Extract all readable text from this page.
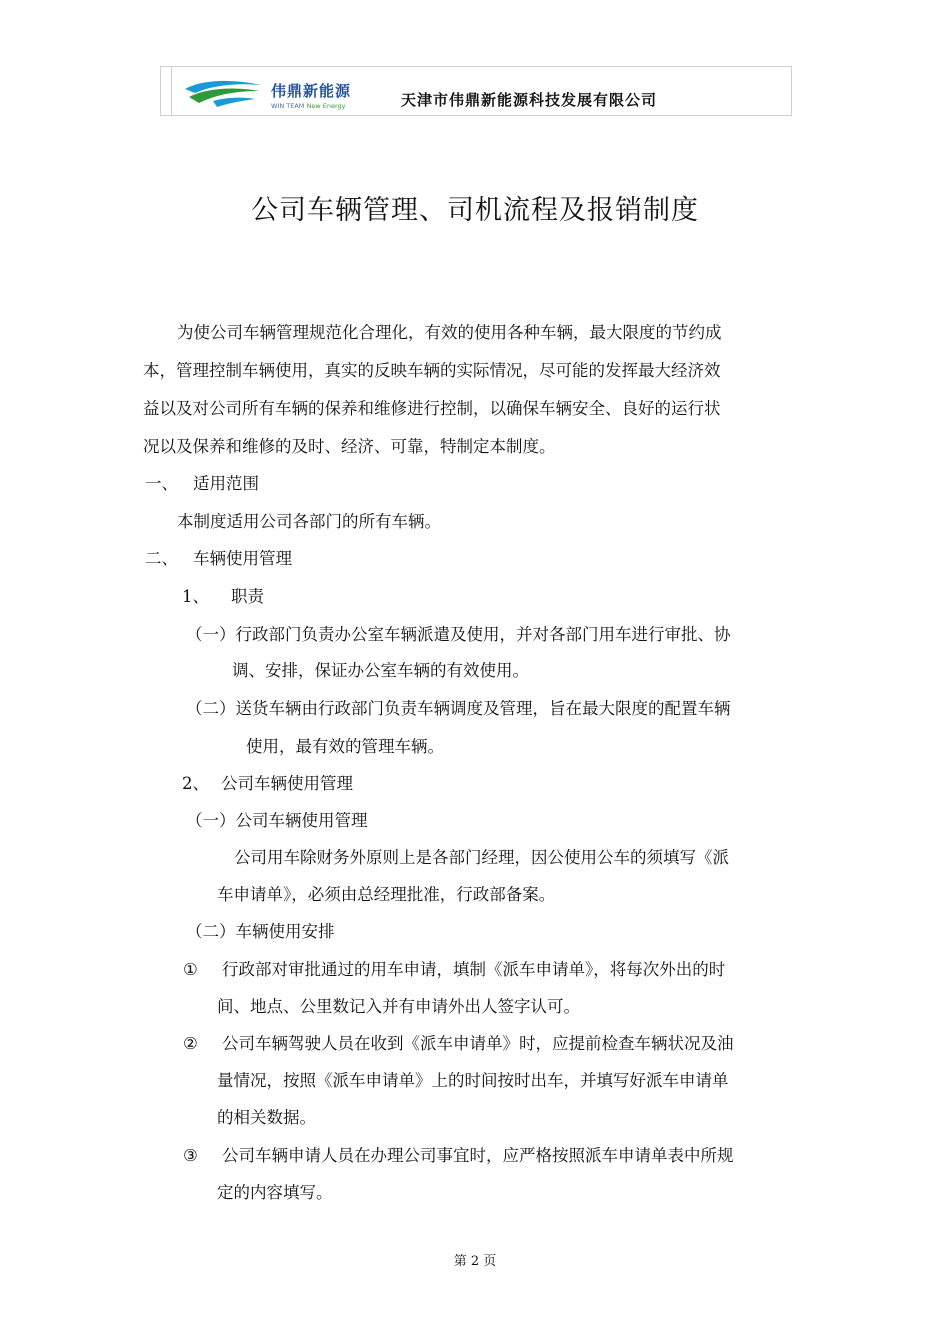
伟鼎新能源
WIN TEAM New Energy	天津市伟鼎新能源科技发展有限公司
公司车辆管理、司机流程及报销制度
为使公司车辆管理规范化合理化，有效的使用各种车辆，最大限度的节约成
本，管理控制车辆使用，真实的反映车辆的实际情况，尽可能的发挥最大经济效
益以及对公司所有车辆的保养和维修进行控制，以确保车辆安全、良好的运行状
况以及保养和维修的及时、经济、可靠，特制定本制度。
一、 适用范围
本制度适用公司各部门的所有车辆。
二、 车辆使用管理
1、 职责
（一）行政部门负责办公室车辆派遣及使用，并对各部门用车进行审批、协
调、安排，保证办公室车辆的有效使用。
（二）送货车辆由行政部门负责车辆调度及管理，旨在最大限度的配置车辆
使用，最有效的管理车辆。
2、 公司车辆使用管理
（一）公司车辆使用管理
公司用车除财务外原则上是各部门经理，因公使用公车的须填写《派
车申请单》，必须由总经理批准，行政部备案。
（二）车辆使用安排
① 行政部对审批通过的用车申请，填制《派车申请单》，将每次外出的时
间、地点、公里数记入并有申请外出人签字认可。
② 公司车辆驾驶人员在收到《派车申请单》时，应提前检查车辆状况及油
量情况，按照《派车申请单》上的时间按时出车，并填写好派车申请单
的相关数据。
③ 公司车辆申请人员在办理公司事宜时，应严格按照派车申请单表中所规
定的内容填写。
第 2 页
